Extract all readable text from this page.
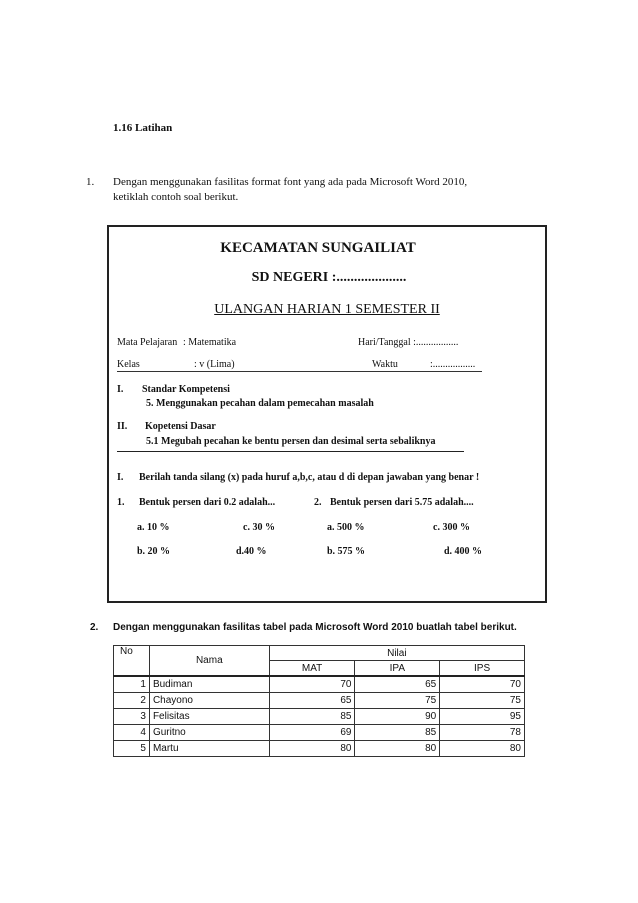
1.16 Latihan
1. Dengan menggunakan fasilitas format font yang ada pada Microsoft Word 2010,
ketiklah contoh soal berikut.
KECAMATAN SUNGAILIAT
SD NEGERI :....................
ULANGAN HARIAN 1 SEMESTER II
Mata Pelajaran : Matematika	Hari/Tanggal :.................
Kelas	: v (Lima)	Waktu	:.................
I. Standar Kompetensi
5. Menggunakan pecahan dalam pemecahan masalah
II. Kopetensi Dasar
5.1 Megubah pecahan ke bentu persen dan desimal serta sebaliknya
I. Berilah tanda silang (x) pada huruf a,b,c, atau d di depan jawaban yang benar !
1. Bentuk persen dari 0.2 adalah...	2. Bentuk persen dari 5.75 adalah....
a. 10 %	c. 30 %	a. 500 %	c. 300 %
b. 20 %	d.40 %	b. 575 %	d. 400 %
2. Dengan menggunakan fasilitas tabel pada Microsoft Word 2010 buatlah tabel berikut.
No	Nama	Nilai		
		MAT	IPA	IPS
1	Budiman	70	65	70
2	Chayono	65	75	75
3	Felisitas	85	90	95
4	Guritno	69	85	78
5	Martu	80	80	80
